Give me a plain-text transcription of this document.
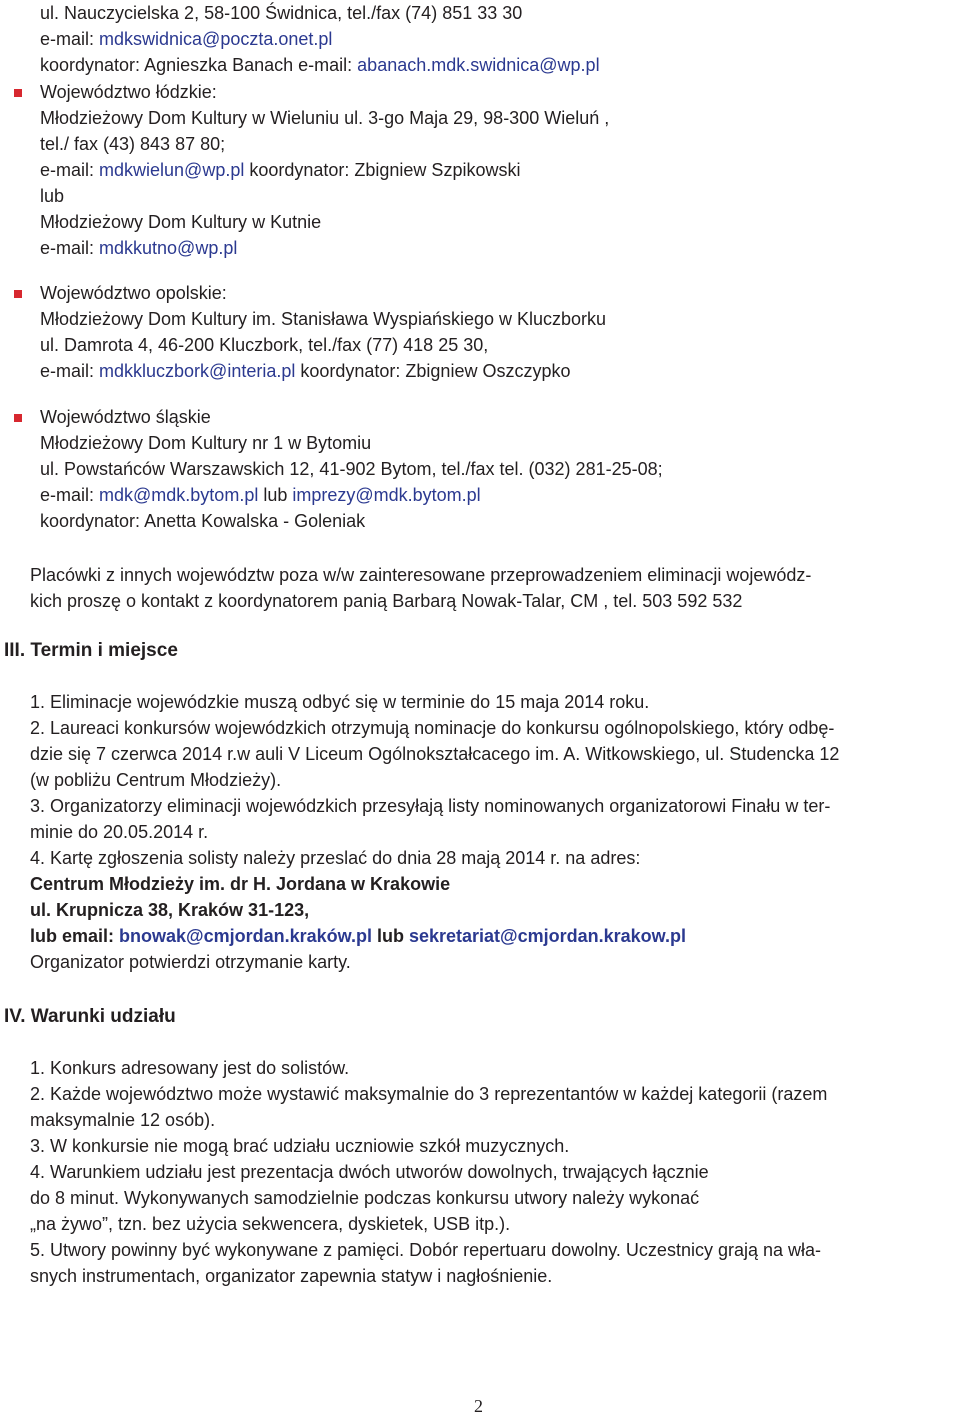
ul. Nauczycielska 2, 58-100 Świdnica, tel./fax (74) 851 33 30
e-mail: mdkswidnica@poczta.onet.pl
koordynator: Agnieszka Banach e-mail: abanach.mdk.swidnica@wp.pl
Województwo łódzkie:
Młodzieżowy Dom Kultury w Wieluniu ul. 3-go Maja 29, 98-300 Wieluń ,
tel./ fax (43) 843 87 80;
e-mail: mdkwielun@wp.pl koordynator: Zbigniew Szpikowski
lub
Młodzieżowy Dom Kultury w Kutnie
e-mail: mdkkutno@wp.pl
Województwo opolskie:
Młodzieżowy Dom Kultury im. Stanisława Wyspiańskiego w Kluczborku
ul. Damrota 4, 46-200 Kluczbork, tel./fax (77) 418 25 30,
e-mail: mdkkluczbork@interia.pl koordynator: Zbigniew Oszczypko
Województwo śląskie
Młodzieżowy Dom Kultury nr 1 w Bytomiu
ul. Powstańców Warszawskich 12, 41-902 Bytom, tel./fax tel. (032) 281-25-08;
e-mail: mdk@mdk.bytom.pl lub imprezy@mdk.bytom.pl
koordynator: Anetta Kowalska - Goleniak
Placówki z innych województw poza w/w zainteresowane przeprowadzeniem eliminacji wojewódz-
kich proszę o kontakt z koordynatorem panią Barbarą Nowak-Talar, CM , tel. 503 592 532
III. Termin i miejsce
1. Eliminacje wojewódzkie muszą odbyć się w terminie do 15 maja 2014 roku.
2. Laureaci konkursów wojewódzkich otrzymują nominacje do konkursu ogólnopolskiego, który odbę-
dzie się 7 czerwca 2014 r.w auli V Liceum Ogólnokształcacego im. A. Witkowskiego, ul. Studencka 12
(w pobliżu Centrum Młodzieży).
3. Organizatorzy eliminacji wojewódzkich przesyłają listy nominowanych organizatorowi Finału w ter-
minie do 20.05.2014 r.
4. Kartę zgłoszenia solisty należy przeslać do dnia 28 mają 2014 r. na adres:
Centrum Młodzieży im. dr H. Jordana w Krakowie
ul. Krupnicza 38, Kraków 31-123,
lub email: bnowak@cmjordan.kraków.pl lub sekretariat@cmjordan.krakow.pl
Organizator potwierdzi otrzymanie karty.
IV. Warunki udziału
1. Konkurs adresowany jest do solistów.
2. Każde województwo może wystawić maksymalnie do 3 reprezentantów w każdej kategorii (razem
maksymalnie 12 osób).
3. W konkursie nie mogą brać udziału uczniowie szkół muzycznych.
4. Warunkiem udziału jest prezentacja dwóch utworów dowolnych, trwających łącznie
do 8 minut. Wykonywanych samodzielnie podczas konkursu utwory należy wykonać
„na żywo”, tzn. bez użycia sekwencera, dyskietek, USB itp.).
5. Utwory powinny być wykonywane z pamięci. Dobór repertuaru dowolny. Uczestnicy grają na wła-
snych instrumentach, organizator zapewnia statyw i nagłośnienie.
2
